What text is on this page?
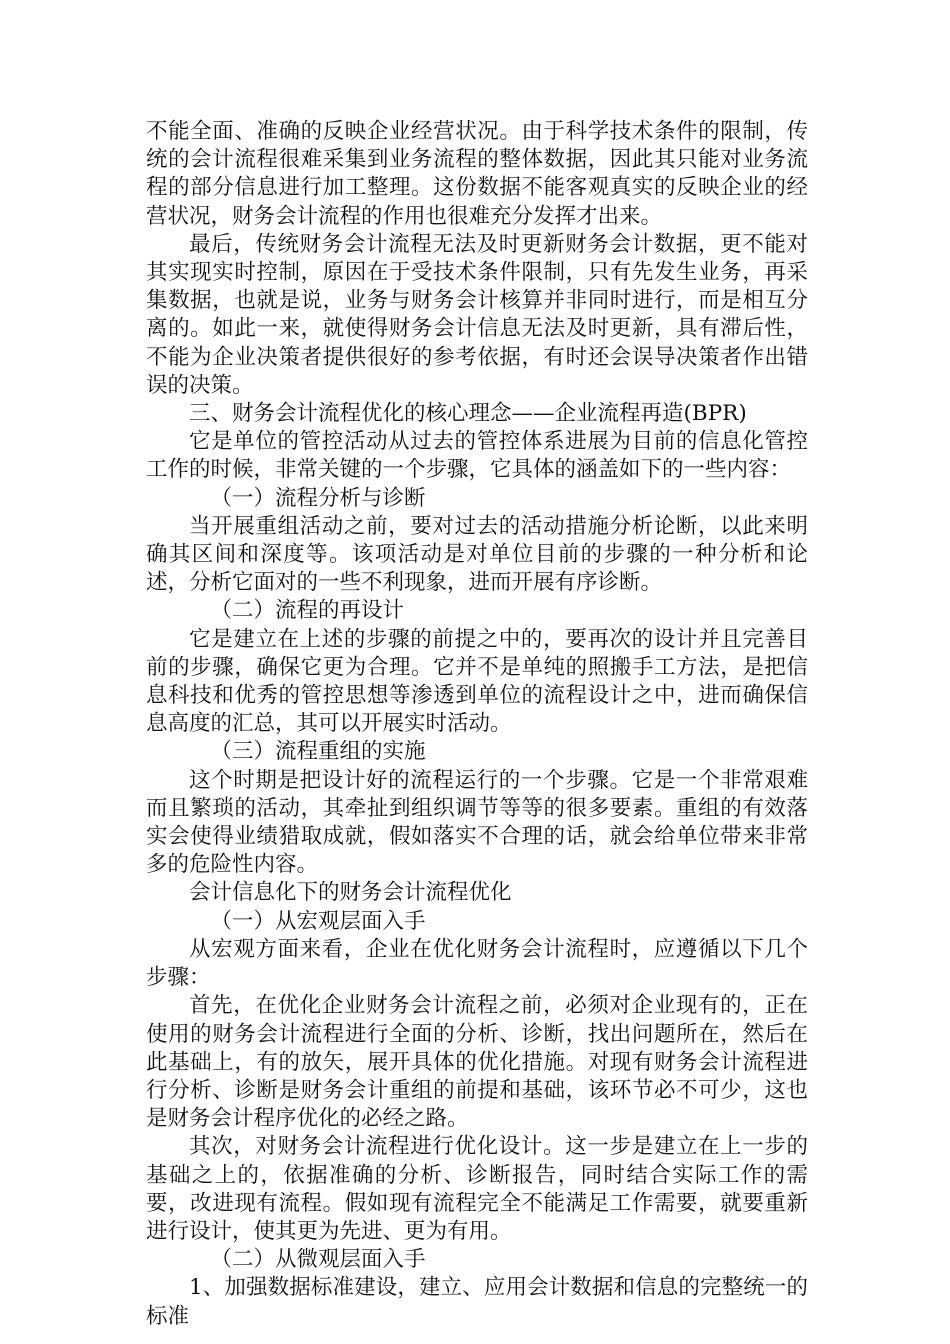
不能全面、准确的反映企业经营状况。由于科学技术条件的限制，传统的会计流程很难采集到业务流程的整体数据，因此其只能对业务流程的部分信息进行加工整理。这份数据不能客观真实的反映企业的经营状况，财务会计流程的作用也很难充分发挥才出来。

最后，传统财务会计流程无法及时更新财务会计数据，更不能对其实现实时控制，原因在于受技术条件限制，只有先发生业务，再采集数据，也就是说，业务与财务会计核算并非同时进行，而是相互分离的。如此一来，就使得财务会计信息无法及时更新，具有滞后性，不能为企业决策者提供很好的参考依据，有时还会误导决策者作出错误的决策。

三、财务会计流程优化的核心理念——企业流程再造(BPR)

它是单位的管控活动从过去的管控体系进展为目前的信息化管控工作的时候，非常关键的一个步骤，它具体的涵盖如下的一些内容：

（一）流程分析与诊断

当开展重组活动之前，要对过去的活动措施分析论断，以此来明确其区间和深度等。该项活动是对单位目前的步骤的一种分析和论述，分析它面对的一些不利现象，进而开展有序诊断。

（二）流程的再设计

它是建立在上述的步骤的前提之中的，要再次的设计并且完善目前的步骤，确保它更为合理。它并不是单纯的照搬手工方法，是把信息科技和优秀的管控思想等渗透到单位的流程设计之中，进而确保信息高度的汇总，其可以开展实时活动。

（三）流程重组的实施

这个时期是把设计好的流程运行的一个步骤。它是一个非常艰难而且繁琐的活动，其牵扯到组织调节等等的很多要素。重组的有效落实会使得业绩猎取成就，假如落实不合理的话，就会给单位带来非常多的危险性内容。

会计信息化下的财务会计流程优化

（一）从宏观层面入手

从宏观方面来看，企业在优化财务会计流程时，应遵循以下几个步骤：

首先，在优化企业财务会计流程之前，必须对企业现有的，正在使用的财务会计流程进行全面的分析、诊断，找出问题所在，然后在此基础上，有的放矢，展开具体的优化措施。对现有财务会计流程进行分析、诊断是财务会计重组的前提和基础，该环节必不可少，这也是财务会计程序优化的必经之路。

其次，对财务会计流程进行优化设计。这一步是建立在上一步的基础之上的，依据准确的分析、诊断报告，同时结合实际工作的需要，改进现有流程。假如现有流程完全不能满足工作需要，就要重新进行设计，使其更为先进、更为有用。

（二）从微观层面入手

1、加强数据标准建设，建立、应用会计数据和信息的完整统一的标准
